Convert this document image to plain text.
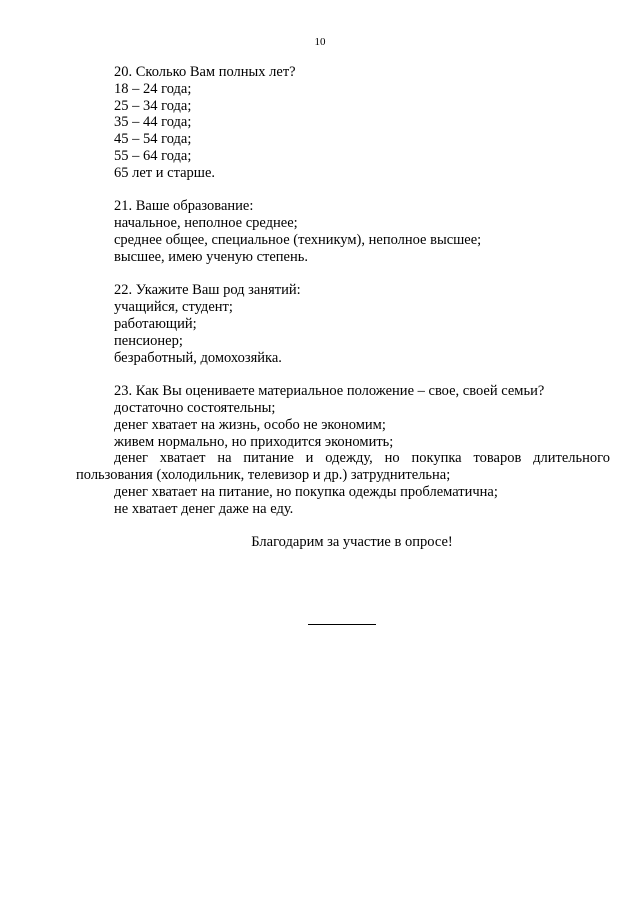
10
20. Сколько Вам полных лет?
18 – 24 года;
25 – 34 года;
35 – 44 года;
45 – 54 года;
55 – 64 года;
65 лет и старше.
21. Ваше образование:
начальное, неполное среднее;
среднее общее, специальное (техникум), неполное высшее;
высшее, имею ученую степень.
22. Укажите Ваш род занятий:
учащийся, студент;
работающий;
пенсионер;
безработный, домохозяйка.
23. Как Вы оцениваете материальное положение – свое, своей семьи?
достаточно состоятельны;
денег хватает на жизнь, особо не экономим;
живем нормально, но приходится экономить;
денег хватает на питание и одежду, но покупка товаров длительного
пользования (холодильник, телевизор и др.) затруднительна;
денег хватает на питание, но покупка одежды проблематична;
не хватает денег даже на еду.
Благодарим за участие в опросе!
